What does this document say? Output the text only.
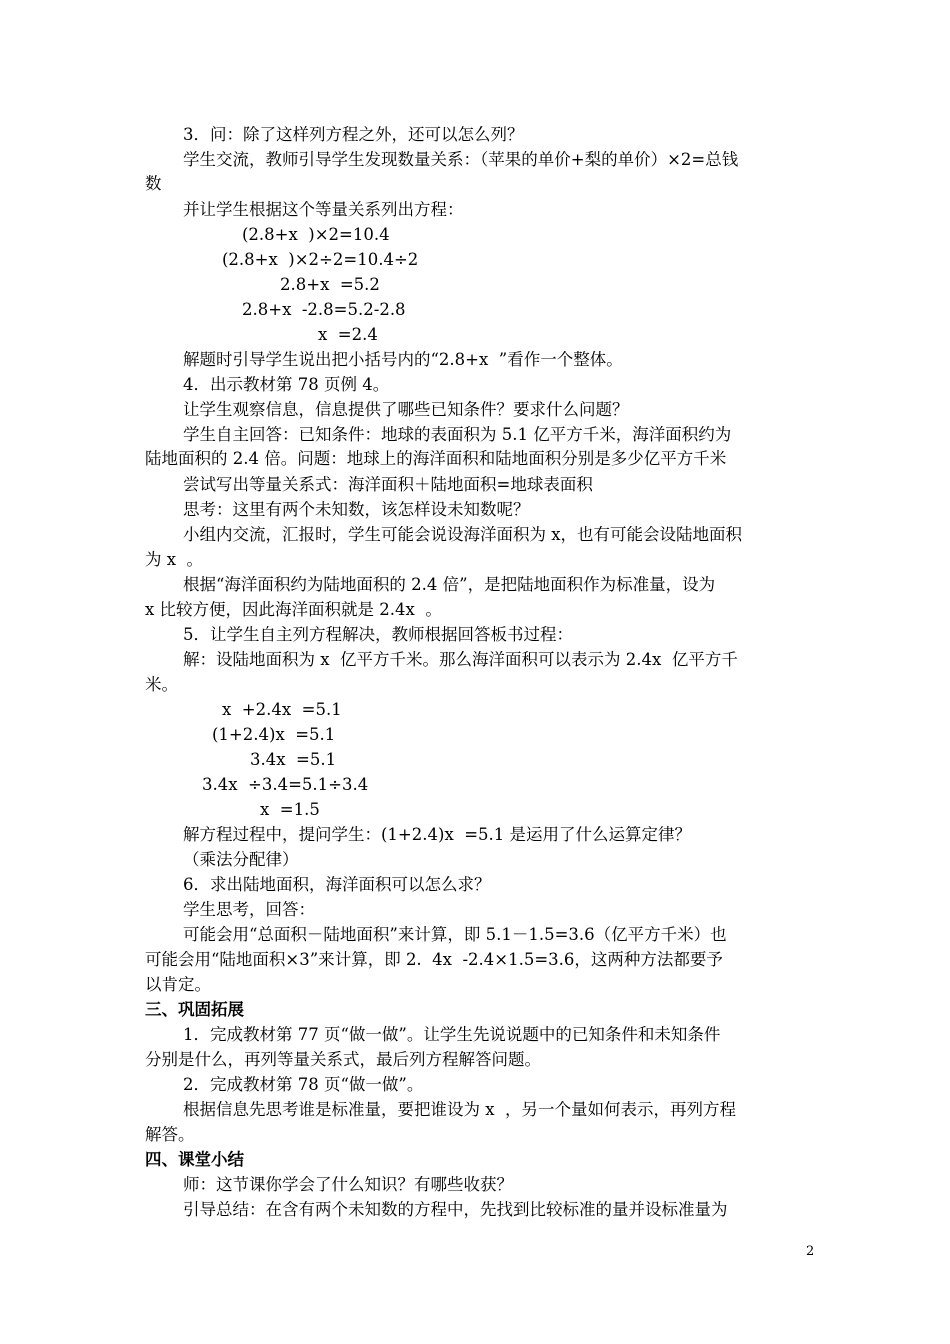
3．问：除了这样列方程之外，还可以怎么列？
学生交流，教师引导学生发现数量关系：（苹果的单价+梨的单价）×2=总钱
数
并让学生根据这个等量关系列出方程：
(2.8+x  )×2=10.4
(2.8+x  )×2÷2=10.4÷2
2.8+x  =5.2
2.8+x  -2.8=5.2-2.8
x  =2.4
解题时引导学生说出把小括号内的“2.8+x  ”看作一个整体。
4．出示教材第 78 页例 4。
让学生观察信息，信息提供了哪些已知条件？要求什么问题？
学生自主回答：已知条件：地球的表面积为 5.1 亿平方千米，海洋面积约为
陆地面积的 2.4 倍。问题：地球上的海洋面积和陆地面积分别是多少亿平方千米
尝试写出等量关系式：海洋面积＋陆地面积=地球表面积
思考：这里有两个未知数，该怎样设未知数呢？
小组内交流，汇报时，学生可能会说设海洋面积为 x，也有可能会设陆地面积
为 x  。
根据“海洋面积约为陆地面积的 2.4 倍”，是把陆地面积作为标准量，设为
x 比较方便，因此海洋面积就是 2.4x  。
5．让学生自主列方程解决，教师根据回答板书过程：
解：设陆地面积为 x  亿平方千米。那么海洋面积可以表示为 2.4x  亿平方千
米。
x  +2.4x  =5.1
(1+2.4)x  =5.1
3.4x  =5.1
3.4x  ÷3.4=5.1÷3.4
x  =1.5
解方程过程中，提问学生：(1+2.4)x  =5.1 是运用了什么运算定律？
（乘法分配律）
6．求出陆地面积，海洋面积可以怎么求？
学生思考，回答：
可能会用“总面积－陆地面积”来计算，即 5.1－1.5=3.6（亿平方千米）也
可能会用“陆地面积×3”来计算，即 2.  4x  -2.4×1.5=3.6，这两种方法都要予
以肯定。
三、巩固拓展
1．完成教材第 77 页“做一做”。让学生先说说题中的已知条件和未知条件
分别是什么，再列等量关系式，最后列方程解答问题。
2．完成教材第 78 页“做一做”。
根据信息先思考谁是标准量，要把谁设为 x  ，另一个量如何表示，再列方程
解答。
四、课堂小结
师：这节课你学会了什么知识？有哪些收获？
引导总结：在含有两个未知数的方程中，先找到比较标准的量并设标准量为
2
